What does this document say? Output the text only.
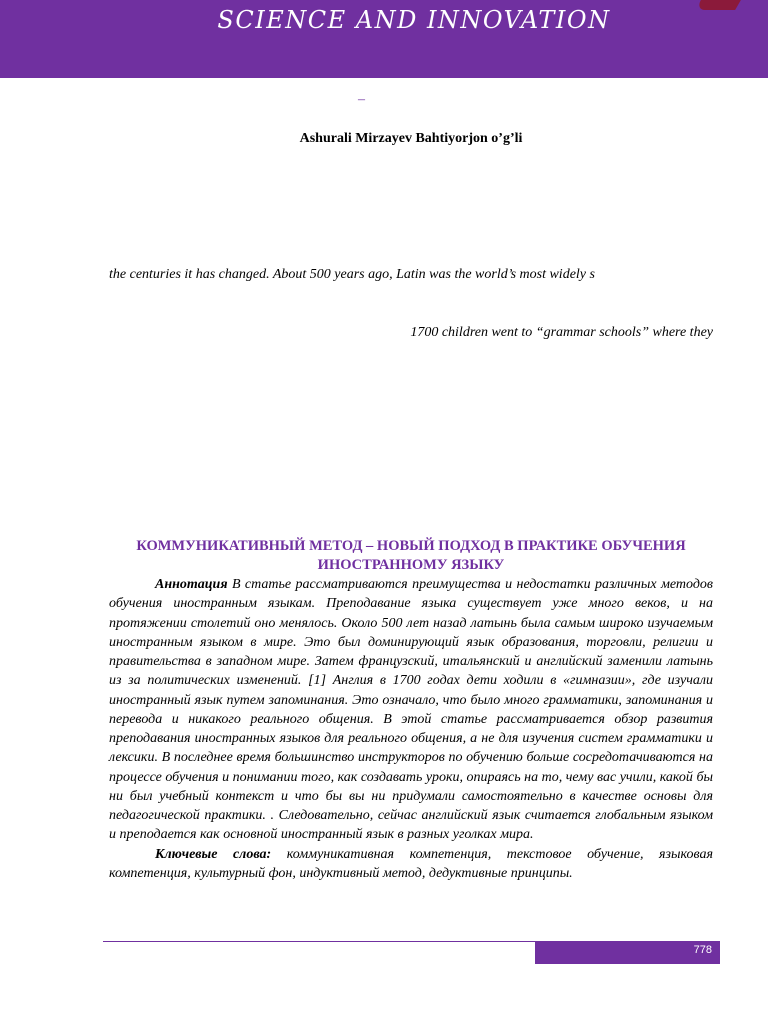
SCIENCE AND INNOVATION
–
Ashurali Mirzayev Bahtiyorjon o’g’li
the centuries it has changed. About 500 years ago, Latin was the world’s most widely s
1700 children went to “grammar schools” where they
КОММУНИКАТИВНЫЙ МЕТОД – НОВЫЙ ПОДХОД В ПРАКТИКЕ ОБУЧЕНИЯ ИНОСТРАННОМУ ЯЗЫКУ

Аннотация В статье рассматриваются преимущества и недостатки различных методов обучения иностранным языкам. Преподавание языка существует уже много веков, и на протяжении столетий оно менялось. Около 500 лет назад латынь была самым широко изучаемым иностранным языком в мире. Это был доминирующий язык образования, торговли, религии и правительства в западном мире. Затем французский, итальянский и английский заменили латынь из за политических изменений. [1] Англия в 1700 годах дети ходили в «гимназии», где изучали иностранный язык путем запоминания. Это означало, что было много грамматики, запоминания и перевода и никакого реального общения. В этой статье рассматривается обзор развития преподавания иностранных языков для реального общения, а не для изучения систем грамматики и лексики. В последнее время большинство инструкторов по обучению больше сосредотачиваются на процессе обучения и понимании того, как создавать уроки, опираясь на то, чему вас учили, какой бы ни был учебный контекст и что бы вы ни придумали самостоятельно в качестве основы для педагогической практики. . Следовательно, сейчас английский язык считается глобальным языком и преподается как основной иностранный язык в разных уголках мира.

Ключевые слова: коммуникативная компетенция, текстовое обучение, языковая компетенция, культурный фон, индуктивный метод, дедуктивные принципы.

778
